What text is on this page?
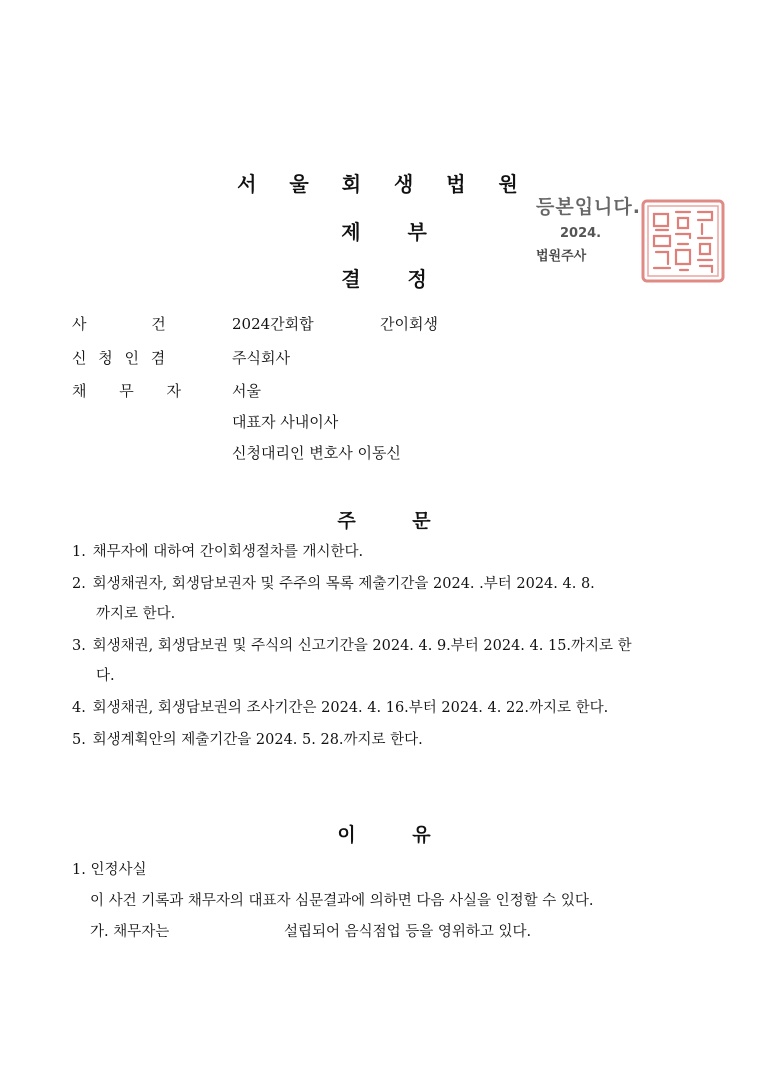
서 울 회 생 법 원
제 부
결 정
등본입니다.
2024.
법원주사
사 건	2024간회합	간이회생
신 청 인 겸	주식회사
채 무 자	서울
대표자 사내이사
신청대리인 변호사 이동신
주 문
1. 채무자에 대하여 간이회생절차를 개시한다.
2. 회생채권자, 회생담보권자 및 주주의 목록 제출기간을 2024. .부터 2024. 4. 8.
까지로 한다.
3. 회생채권, 회생담보권 및 주식의 신고기간을 2024. 4. 9.부터 2024. 4. 15.까지로 한
다.
4. 회생채권, 회생담보권의 조사기간은 2024. 4. 16.부터 2024. 4. 22.까지로 한다.
5. 회생계획안의 제출기간을 2024. 5. 28.까지로 한다.
이 유
1. 인정사실
이 사건 기록과 채무자의 대표자 심문결과에 의하면 다음 사실을 인정할 수 있다.
가. 채무자는	설립되어 음식점업 등을 영위하고 있다.
